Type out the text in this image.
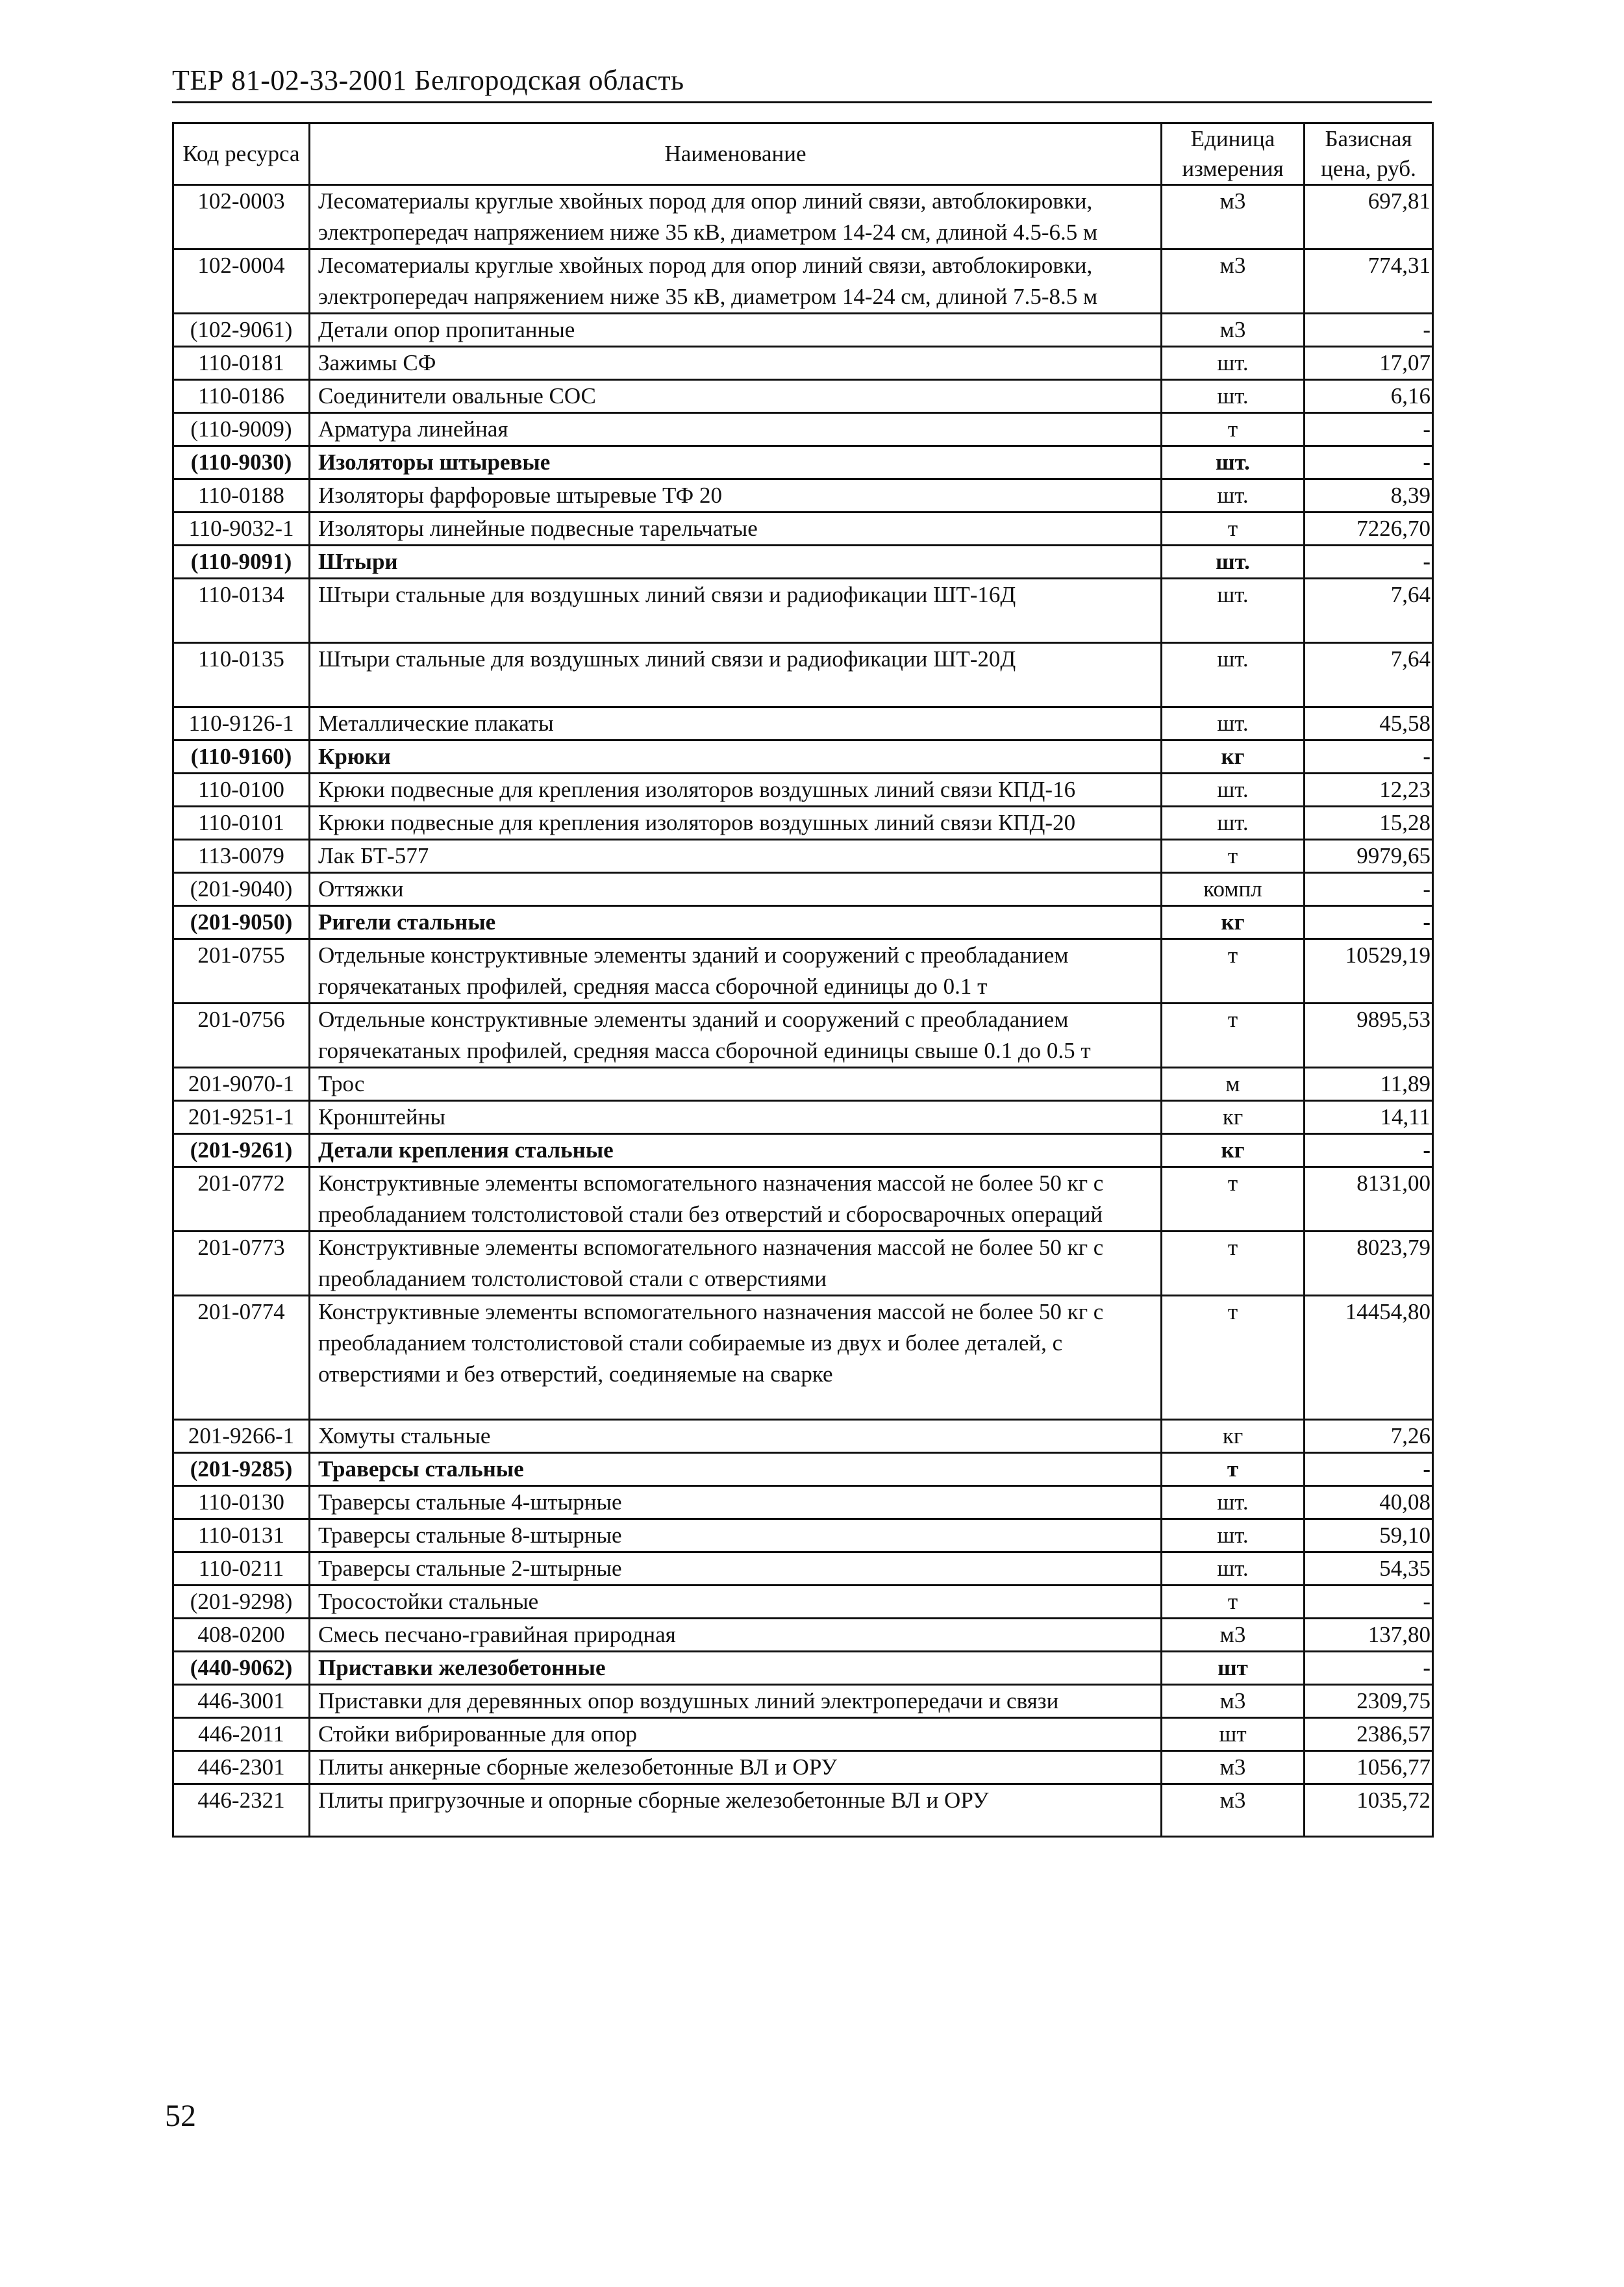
ТЕР 81-02-33-2001 Белгородская область
Код ресурса	Наименование	Единица измерения	Базисная цена, руб.
102-0003	Лесоматериалы круглые хвойных пород для опор линий связи, автоблокировки, электропередач напряжением ниже 35 кВ, диаметром 14-24 см, длиной 4.5-6.5 м	м3	697,81
102-0004	Лесоматериалы круглые хвойных пород для опор линий связи, автоблокировки, электропередач напряжением ниже 35 кВ, диаметром 14-24 см, длиной 7.5-8.5 м	м3	774,31
(102-9061)	Детали опор пропитанные	м3	-
110-0181	Зажимы СФ	шт.	17,07
110-0186	Соединители овальные СОС	шт.	6,16
(110-9009)	Арматура линейная	т	-
(110-9030)	Изоляторы штыревые	шт.	-
110-0188	Изоляторы фарфоровые штыревые ТФ 20	шт.	8,39
110-9032-1	Изоляторы линейные подвесные тарельчатые	т	7226,70
(110-9091)	Штыри	шт.	-
110-0134	Штыри стальные для воздушных линий связи и радиофикации ШТ-16Д	шт.	7,64
110-0135	Штыри стальные для воздушных линий связи и радиофикации ШТ-20Д	шт.	7,64
110-9126-1	Металлические плакаты	шт.	45,58
(110-9160)	Крюки	кг	-
110-0100	Крюки подвесные для крепления изоляторов воздушных линий связи КПД-16	шт.	12,23
110-0101	Крюки подвесные для крепления изоляторов воздушных линий связи КПД-20	шт.	15,28
113-0079	Лак БТ-577	т	9979,65
(201-9040)	Оттяжки	компл	-
(201-9050)	Ригели стальные	кг	-
201-0755	Отдельные конструктивные элементы зданий и сооружений с преобладанием горячекатаных профилей, средняя масса сборочной единицы до 0.1 т	т	10529,19
201-0756	Отдельные конструктивные элементы зданий и сооружений с преобладанием горячекатаных профилей, средняя масса сборочной единицы свыше 0.1 до 0.5 т	т	9895,53
201-9070-1	Трос	м	11,89
201-9251-1	Кронштейны	кг	14,11
(201-9261)	Детали крепления стальные	кг	-
201-0772	Конструктивные элементы вспомогательного назначения массой не более 50 кг с преобладанием толстолистовой стали без отверстий и сборосварочных операций	т	8131,00
201-0773	Конструктивные элементы вспомогательного назначения массой не более 50 кг с преобладанием толстолистовой стали с отверстиями	т	8023,79
201-0774	Конструктивные элементы вспомогательного назначения массой не более 50 кг с преобладанием толстолистовой стали собираемые из двух и более деталей, с отверстиями и без отверстий, соединяемые на сварке	т	14454,80
201-9266-1	Хомуты стальные	кг	7,26
(201-9285)	Траверсы стальные	т	-
110-0130	Траверсы стальные 4-штырные	шт.	40,08
110-0131	Траверсы стальные 8-штырные	шт.	59,10
110-0211	Траверсы стальные 2-штырные	шт.	54,35
(201-9298)	Тросостойки стальные	т	-
408-0200	Смесь песчано-гравийная природная	м3	137,80
(440-9062)	Приставки железобетонные	шт	-
446-3001	Приставки для деревянных опор воздушных линий электропередачи и связи	м3	2309,75
446-2011	Стойки вибрированные для опор	шт	2386,57
446-2301	Плиты анкерные сборные железобетонные ВЛ и ОРУ	м3	1056,77
446-2321	Плиты пригрузочные и опорные сборные железобетонные ВЛ и ОРУ	м3	1035,72
52
